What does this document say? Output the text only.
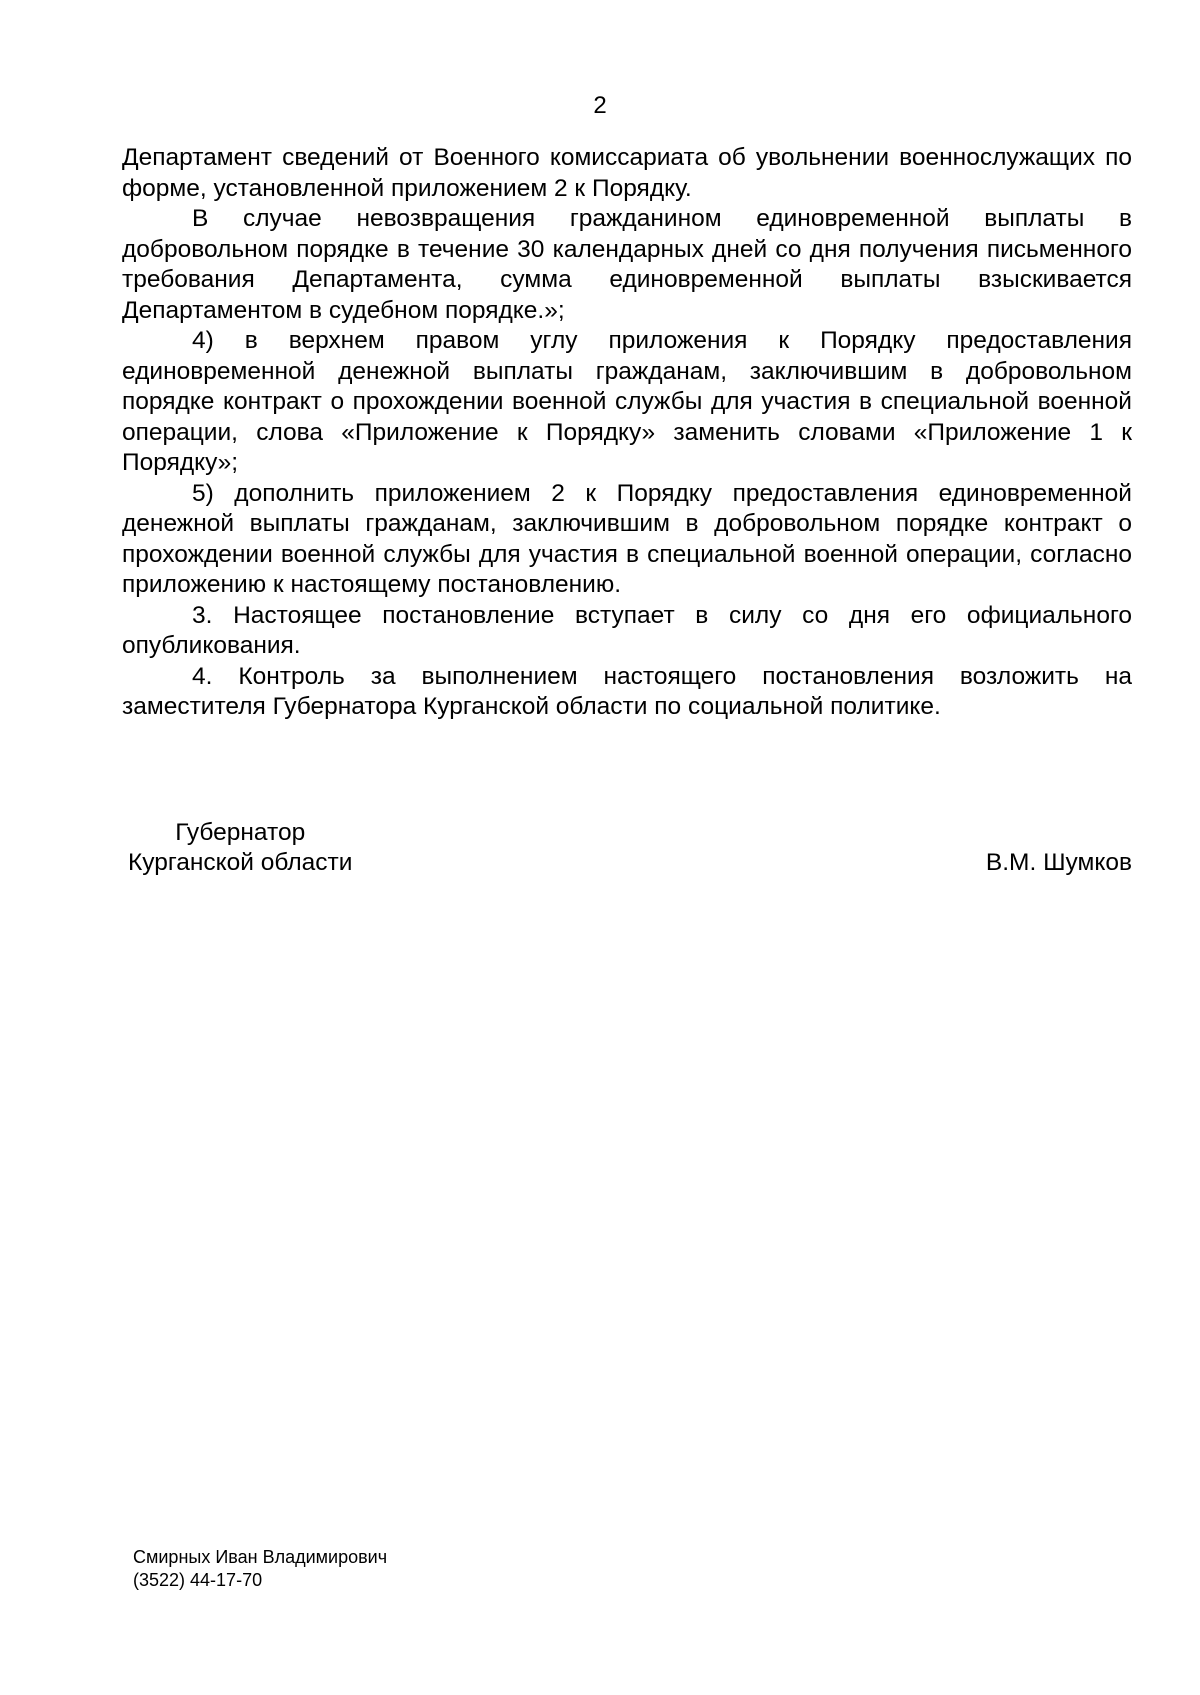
2

Департамент сведений от Военного комиссариата об увольнении военнослужащих по форме, установленной приложением 2 к Порядку.

В случае невозвращения гражданином единовременной выплаты в добровольном порядке в течение 30 календарных дней со дня получения письменного требования Департамента, сумма единовременной выплаты взыскивается Департаментом в судебном порядке.»;

4) в верхнем правом углу приложения к Порядку предоставления единовременной денежной выплаты гражданам, заключившим в добровольном порядке контракт о прохождении военной службы для участия в специальной военной операции, слова «Приложение к Порядку» заменить словами «Приложение 1 к Порядку»;

5) дополнить приложением 2 к Порядку предоставления единовременной денежной выплаты гражданам, заключившим в добровольном порядке контракт о прохождении военной службы для участия в специальной военной операции, согласно приложению к настоящему постановлению.

3. Настоящее постановление вступает в силу со дня его официального опубликования.

4. Контроль за выполнением настоящего постановления возложить на заместителя Губернатора Курганской области по социальной политике.

Губернатор
Курганской области	В.М. Шумков
Смирных Иван Владимирович
(3522) 44-17-70
